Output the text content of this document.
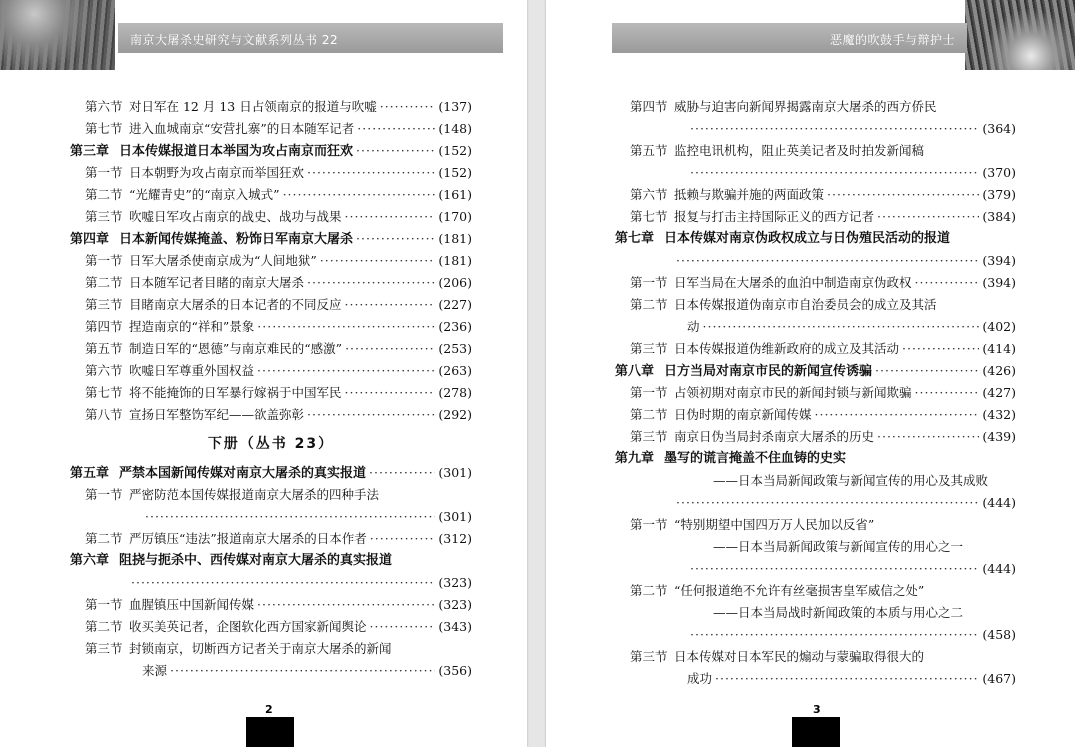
南京大屠杀史研究与文献系列丛书 22
第六节 对日军在 12 月 13 日占领南京的报道与吹嘘 ·····	(137)
第七节 进入血城南京“安营扎寨”的日本随军记者 ·····	(148)
第三章 日本传媒报道日本举国为攻占南京而狂欢 ·····	(152)
第一节 日本朝野为攻占南京而举国狂欢 ·····	(152)
第二节 “光耀青史”的“南京入城式” ·····	(161)
第三节 吹嘘日军攻占南京的战史、战功与战果 ·····	(170)
第四章 日本新闻传媒掩盖、粉饰日军南京大屠杀 ·····	(181)
第一节 日军大屠杀使南京成为“人间地狱” ·····	(181)
第二节 日本随军记者目睹的南京大屠杀 ·····	(206)
第三节 目睹南京大屠杀的日本记者的不同反应 ·····	(227)
第四节 捏造南京的“祥和”景象 ·····	(236)
第五节 制造日军的“恩德”与南京难民的“感激” ·····	(253)
第六节 吹嘘日军尊重外国权益 ·····	(263)
第七节 将不能掩饰的日军暴行嫁祸于中国军民 ·····	(278)
第八节 宣扬日军整饬军纪——欲盖弥彰 ·····	(292)
下册（丛书 23）
第五章 严禁本国新闻传媒对南京大屠杀的真实报道 ·····	(301)
第一节 严密防范本国传媒报道南京大屠杀的四种手法
·····
(301)
第二节 严厉镇压“违法”报道南京大屠杀的日本作者 ·····	(312)
第六章 阻挠与扼杀中、西传媒对南京大屠杀的真实报道
·····
(323)
第一节 血腥镇压中国新闻传媒 ·····	(323)
第二节 收买美英记者，企图软化西方国家新闻舆论 ·····	(343)
第三节 封锁南京，切断西方记者关于南京大屠杀的新闻
来源 ·····	(356)
2
恶魔的吹鼓手与辩护士
第四节 威胁与迫害向新闻界揭露南京大屠杀的西方侨民
·····
(364)
第五节 监控电讯机构，阻止英美记者及时拍发新闻稿
·····
(370)
第六节 抵赖与欺骗并施的两面政策 ·····	(379)
第七节 报复与打击主持国际正义的西方记者 ·····	(384)
第七章 日本传媒对南京伪政权成立与日伪殖民活动的报道
·····
(394)
第一节 日军当局在大屠杀的血泊中制造南京伪政权 ·····	(394)
第二节 日本传媒报道伪南京市自治委员会的成立及其活
动 ·····	(402)
第三节 日本传媒报道伪维新政府的成立及其活动 ·····	(414)
第八章 日方当局对南京市民的新闻宣传诱骗 ·····	(426)
第一节 占领初期对南京市民的新闻封锁与新闻欺骗 ·····	(427)
第二节 日伪时期的南京新闻传媒 ·····	(432)
第三节 南京日伪当局封杀南京大屠杀的历史 ·····	(439)
第九章 墨写的谎言掩盖不住血铸的史实
——日本当局新闻政策与新闻宣传的用心及其成败
·····
(444)
第一节 “特别期望中国四万万人民加以反省”
——日本当局新闻政策与新闻宣传的用心之一
·····
(444)
第二节 “任何报道绝不允许有丝毫损害皇军威信之处”
——日本当局战时新闻政策的本质与用心之二
·····
(458)
第三节 日本传媒对日本军民的煽动与蒙骗取得很大的
成功 ·····	(467)
3
